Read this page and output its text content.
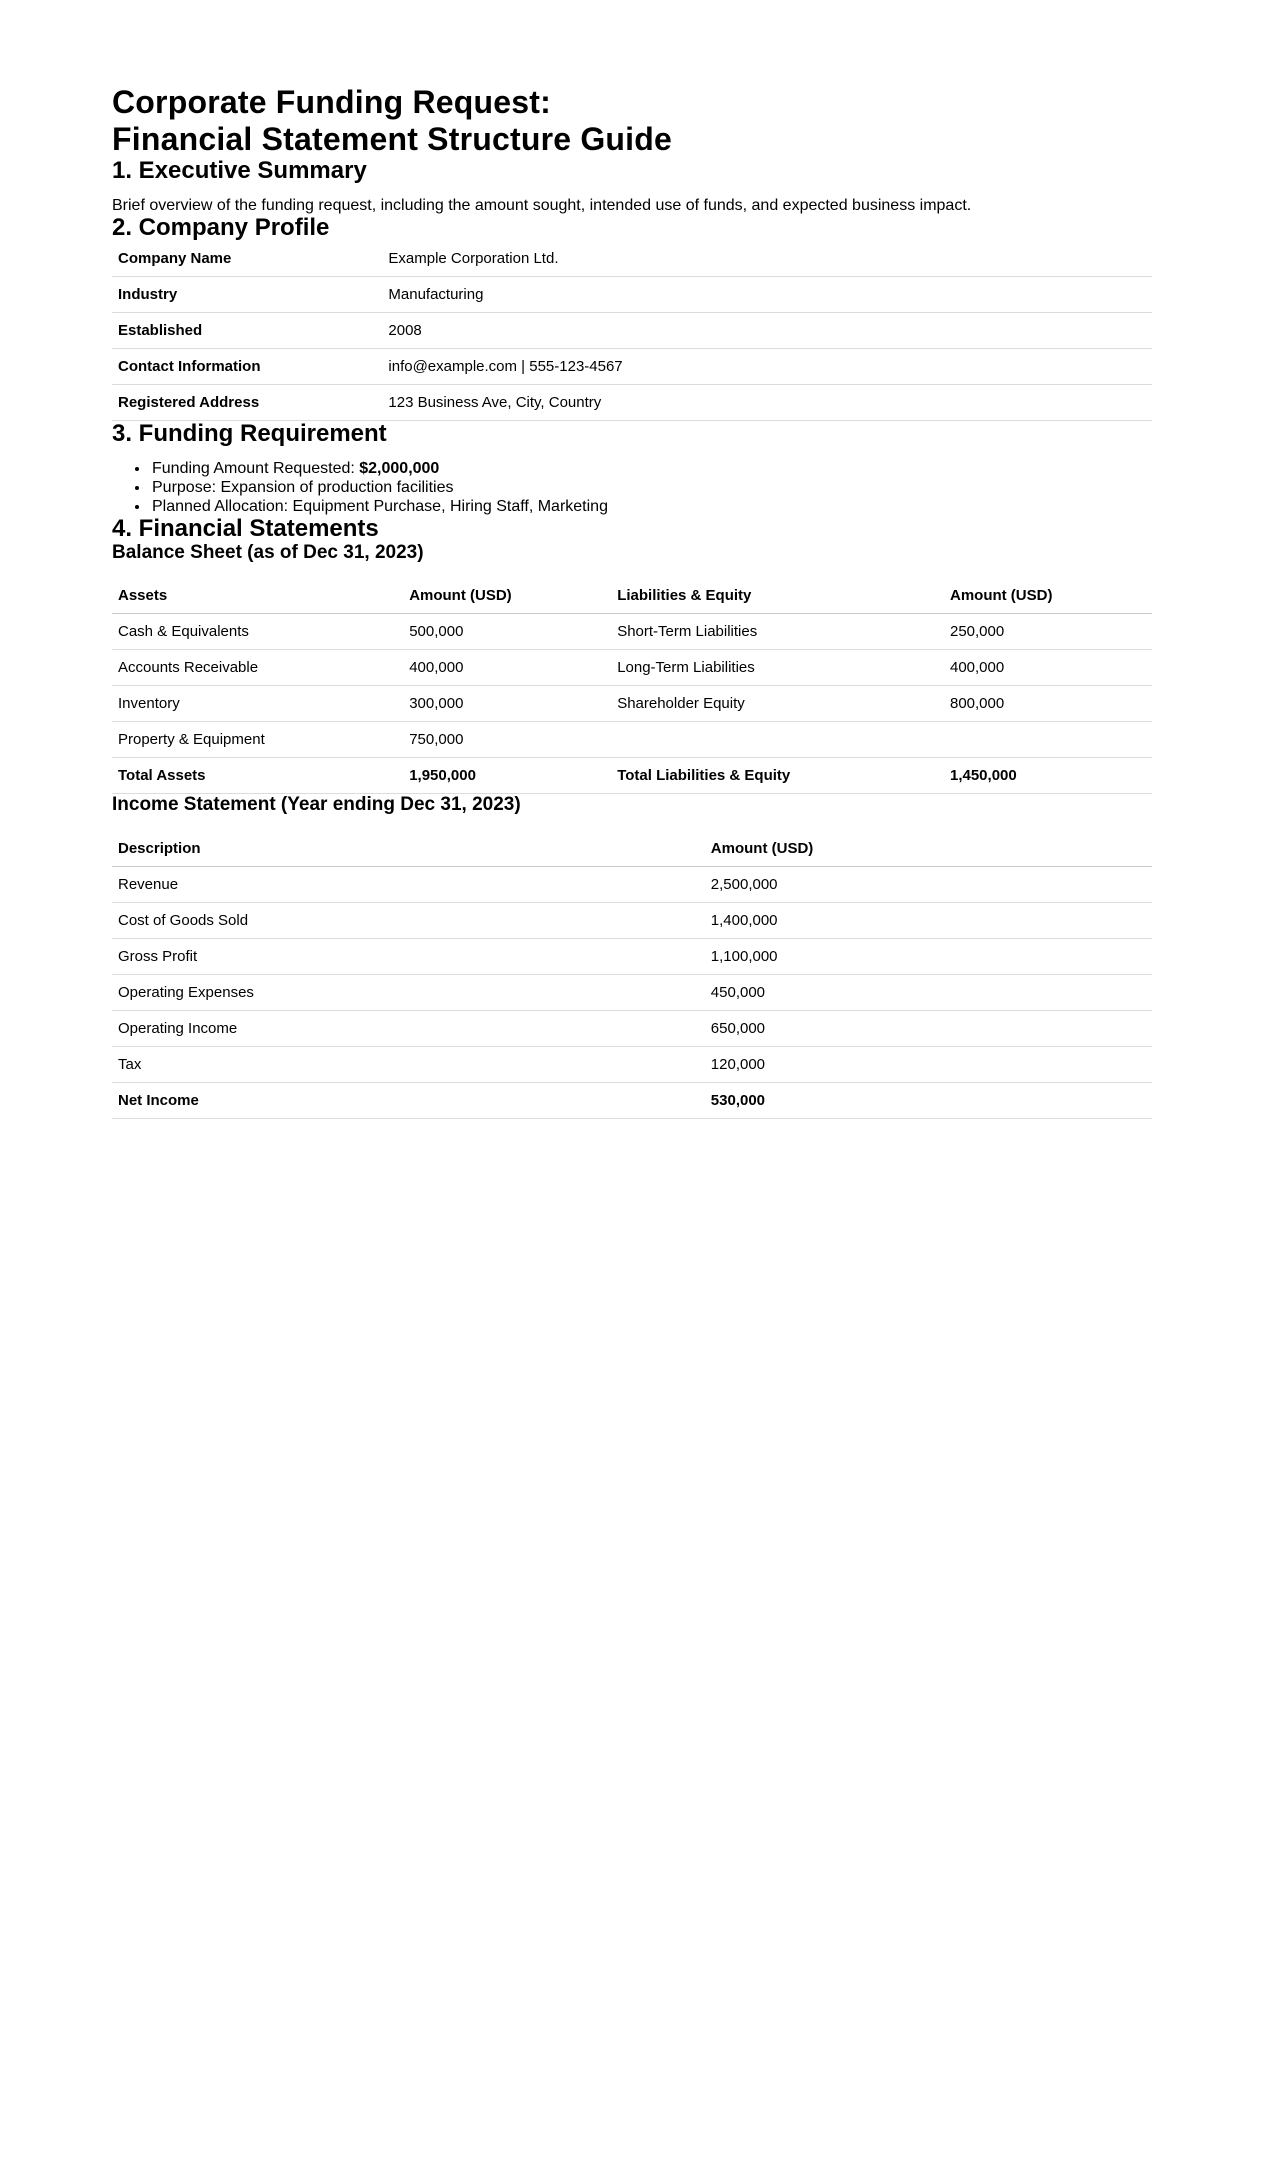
Corporate Funding Request:
Financial Statement Structure Guide
1. Executive Summary

Brief overview of the funding request, including the amount sought, intended use of funds, and expected business impact.

2. Company Profile
Company Name	Example Corporation Ltd.
Industry	Manufacturing
Established	2008
Contact Information	info@example.com | 555-123-4567
Registered Address	123 Business Ave, City, Country
3. Funding Requirement
• Funding Amount Requested: $2,000,000
• Purpose: Expansion of production facilities
• Planned Allocation: Equipment Purchase, Hiring Staff, Marketing
4. Financial Statements
Balance Sheet (as of Dec 31, 2023)
Assets	Amount (USD)	Liabilities & Equity	Amount (USD)
Cash & Equivalents	500,000	Short-Term Liabilities	250,000
Accounts Receivable	400,000	Long-Term Liabilities	400,000
Inventory	300,000	Shareholder Equity	800,000
Property & Equipment	750,000		
Total Assets	1,950,000	Total Liabilities & Equity	1,450,000
Income Statement (Year ending Dec 31, 2023)
Description	Amount (USD)
Revenue	2,500,000
Cost of Goods Sold	1,400,000
Gross Profit	1,100,000
Operating Expenses	450,000
Operating Income	650,000
Tax	120,000
Net Income	530,000
